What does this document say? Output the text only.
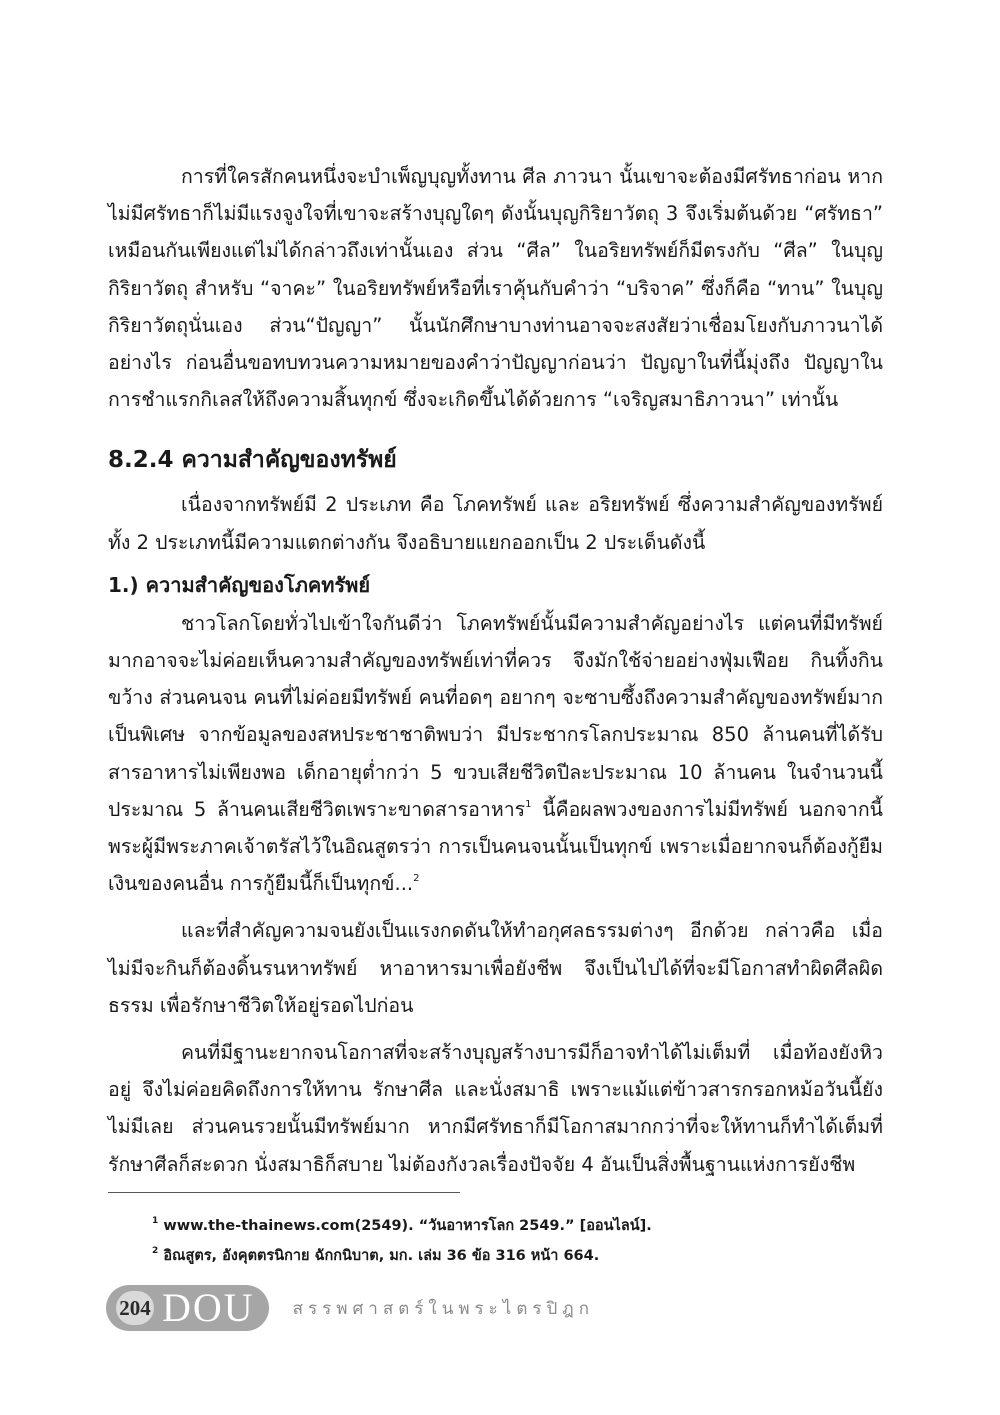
การที่ใครสักคนหนึ่งจะบำเพ็ญบุญทั้งทาน ศีล ภาวนา นั้นเขาจะต้องมีศรัทธาก่อน หากไม่มีศรัทธาก็ไม่มีแรงจูงใจที่เขาจะสร้างบุญใดๆ ดังนั้นบุญกิริยาวัตถุ 3 จึงเริ่มต้นด้วย “ศรัทธา” เหมือนกันเพียงแต่ไม่ได้กล่าวถึงเท่านั้นเอง ส่วน “ศีล” ในอริยทรัพย์ก็มีตรงกับ “ศีล” ในบุญกิริยาวัตถุ สำหรับ “จาคะ” ในอริยทรัพย์หรือที่เราคุ้นกับคำว่า “บริจาค” ซึ่งก็คือ “ทาน” ในบุญกิริยาวัตถุนั่นเอง ส่วน“ปัญญา” นั้นนักศึกษาบางท่านอาจจะสงสัยว่าเชื่อมโยงกับภาวนาได้อย่างไร ก่อนอื่นขอทบทวนความหมายของคำว่าปัญญาก่อนว่า ปัญญาในที่นี้มุ่งถึง ปัญญาในการชำแรกกิเลสให้ถึงความสิ้นทุกข์ ซึ่งจะเกิดขึ้นได้ด้วยการ “เจริญสมาธิภาวนา” เท่านั้น

8.2.4 ความสำคัญของทรัพย์

เนื่องจากทรัพย์มี 2 ประเภท คือ โภคทรัพย์ และ อริยทรัพย์ ซึ่งความสำคัญของทรัพย์ทั้ง 2 ประเภทนี้มีความแตกต่างกัน จึงอธิบายแยกออกเป็น 2 ประเด็นดังนี้

1.) ความสำคัญของโภคทรัพย์

ชาวโลกโดยทั่วไปเข้าใจกันดีว่า โภคทรัพย์นั้นมีความสำคัญอย่างไร แต่คนที่มีทรัพย์มากอาจจะไม่ค่อยเห็นความสำคัญของทรัพย์เท่าที่ควร จึงมักใช้จ่ายอย่างฟุ่มเฟือย กินทิ้งกินขว้าง ส่วนคนจน คนที่ไม่ค่อยมีทรัพย์ คนที่อดๆ อยากๆ จะซาบซึ้งถึงความสำคัญของทรัพย์มากเป็นพิเศษ จากข้อมูลของสหประชาชาติพบว่า มีประชากรโลกประมาณ 850 ล้านคนที่ได้รับสารอาหารไม่เพียงพอ เด็กอายุต่ำกว่า 5 ขวบเสียชีวิตปีละประมาณ 10 ล้านคน ในจำนวนนี้ประมาณ 5 ล้านคนเสียชีวิตเพราะขาดสารอาหาร$^1$ นี้คือผลพวงของการไม่มีทรัพย์ นอกจากนี้พระผู้มีพระภาคเจ้าตรัสไว้ในอิณสูตรว่า การเป็นคนจนนั้นเป็นทุกข์ เพราะเมื่อยากจนก็ต้องกู้ยืมเงินของคนอื่น การกู้ยืมนี้ก็เป็นทุกข์...$^2$

และที่สำคัญความจนยังเป็นแรงกดดันให้ทำอกุศลธรรมต่างๆ อีกด้วย กล่าวคือ เมื่อไม่มีจะกินก็ต้องดิ้นรนหาทรัพย์ หาอาหารมาเพื่อยังชีพ จึงเป็นไปได้ที่จะมีโอกาสทำผิดศีลผิดธรรม เพื่อรักษาชีวิตให้อยู่รอดไปก่อน

คนที่มีฐานะยากจนโอกาสที่จะสร้างบุญสร้างบารมีก็อาจทำได้ไม่เต็มที่ เมื่อท้องยังหิวอยู่ จึงไม่ค่อยคิดถึงการให้ทาน รักษาศีล และนั่งสมาธิ เพราะแม้แต่ข้าวสารกรอกหม้อวันนี้ยังไม่มีเลย ส่วนคนรวยนั้นมีทรัพย์มาก หากมีศรัทธาก็มีโอกาสมากกว่าที่จะให้ทานก็ทำได้เต็มที่ รักษาศีลก็สะดวก นั่งสมาธิก็สบาย ไม่ต้องกังวลเรื่องปัจจัย 4 อันเป็นสิ่งพื้นฐานแห่งการยังชีพ

$^1$ www.the-thainews.com(2549). “วันอาหารโลก 2549.” [ออนไลน์].

$^2$ อิณสูตร, อังคุตตรนิกาย ฉักกนิบาต, มก. เล่ม 36 ข้อ 316 หน้า 664.

204 DOU สรรพศาสตร์ในพระไตรปิฎก
